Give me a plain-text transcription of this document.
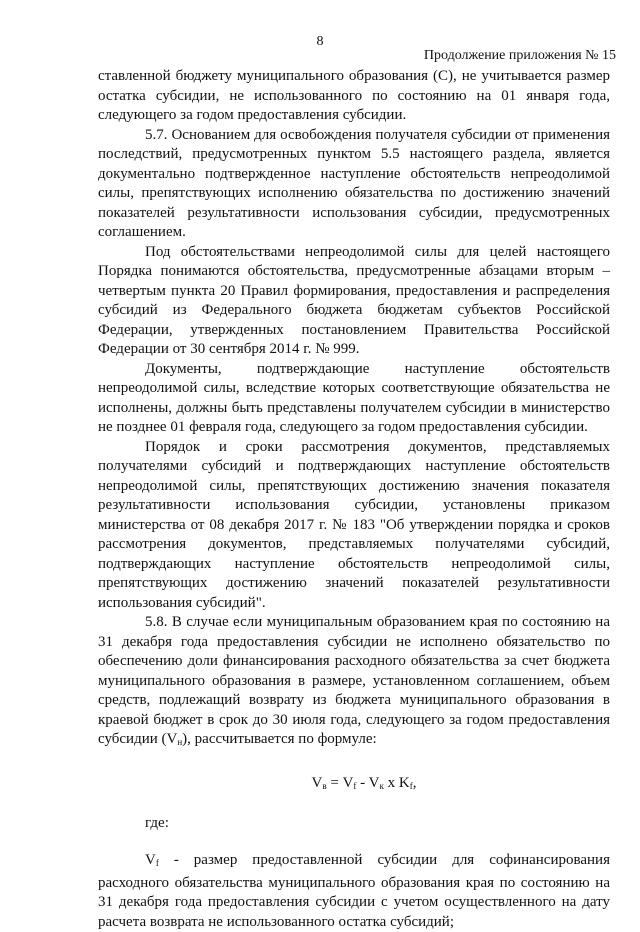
8
Продолжение приложения № 15

ставленной бюджету муниципального образования (С), не учитывается размер остатка субсидии, не использованного по состоянию на 01 января года, следующего за годом предоставления субсидии.

5.7. Основанием для освобождения получателя субсидии от применения последствий, предусмотренных пунктом 5.5 настоящего раздела, является документально подтвержденное наступление обстоятельств непреодолимой силы, препятствующих исполнению обязательства по достижению значений показателей результативности использования субсидии, предусмотренных соглашением.

Под обстоятельствами непреодолимой силы для целей настоящего Порядка понимаются обстоятельства, предусмотренные абзацами вторым – четвертым пункта 20 Правил формирования, предоставления и распределения субсидий из Федерального бюджета бюджетам субъектов Российской Федерации, утвержденных постановлением Правительства Российской Федерации от 30 сентября 2014 г. № 999.

Документы, подтверждающие наступление обстоятельств непреодолимой силы, вследствие которых соответствующие обязательства не исполнены, должны быть представлены получателем субсидии в министерство не позднее 01 февраля года, следующего за годом предоставления субсидии.

Порядок и сроки рассмотрения документов, представляемых получателями субсидий и подтверждающих наступление обстоятельств непреодолимой силы, препятствующих достижению значения показателя результативности использования субсидии, установлены приказом министерства от 08 декабря 2017 г. № 183 "Об утверждении порядка и сроков рассмотрения документов, представляемых получателями субсидий, подтверждающих наступление обстоятельств непреодолимой силы, препятствующих достижению значений показателей результативности использования субсидий".

5.8. В случае если муниципальным образованием края по состоянию на 31 декабря года предоставления субсидии не исполнено обязательство по обеспечению доли финансирования расходного обязательства за счет бюджета муниципального образования в размере, установленном соглашением, объем средств, подлежащий возврату из бюджета муниципального образования в краевой бюджет в срок до 30 июля года, следующего за годом предоставления субсидии $(V_н)$, рассчитывается по формуле:

$V_в = V_f - V_к$ х $K_f$,

где:

$V_f$ - размер предоставленной субсидии для софинансирования расходного обязательства муниципального образования края по состоянию на 31 декабря года предоставления субсидии с учетом осуществленного на дату расчета возврата не использованного остатка субсидий;
